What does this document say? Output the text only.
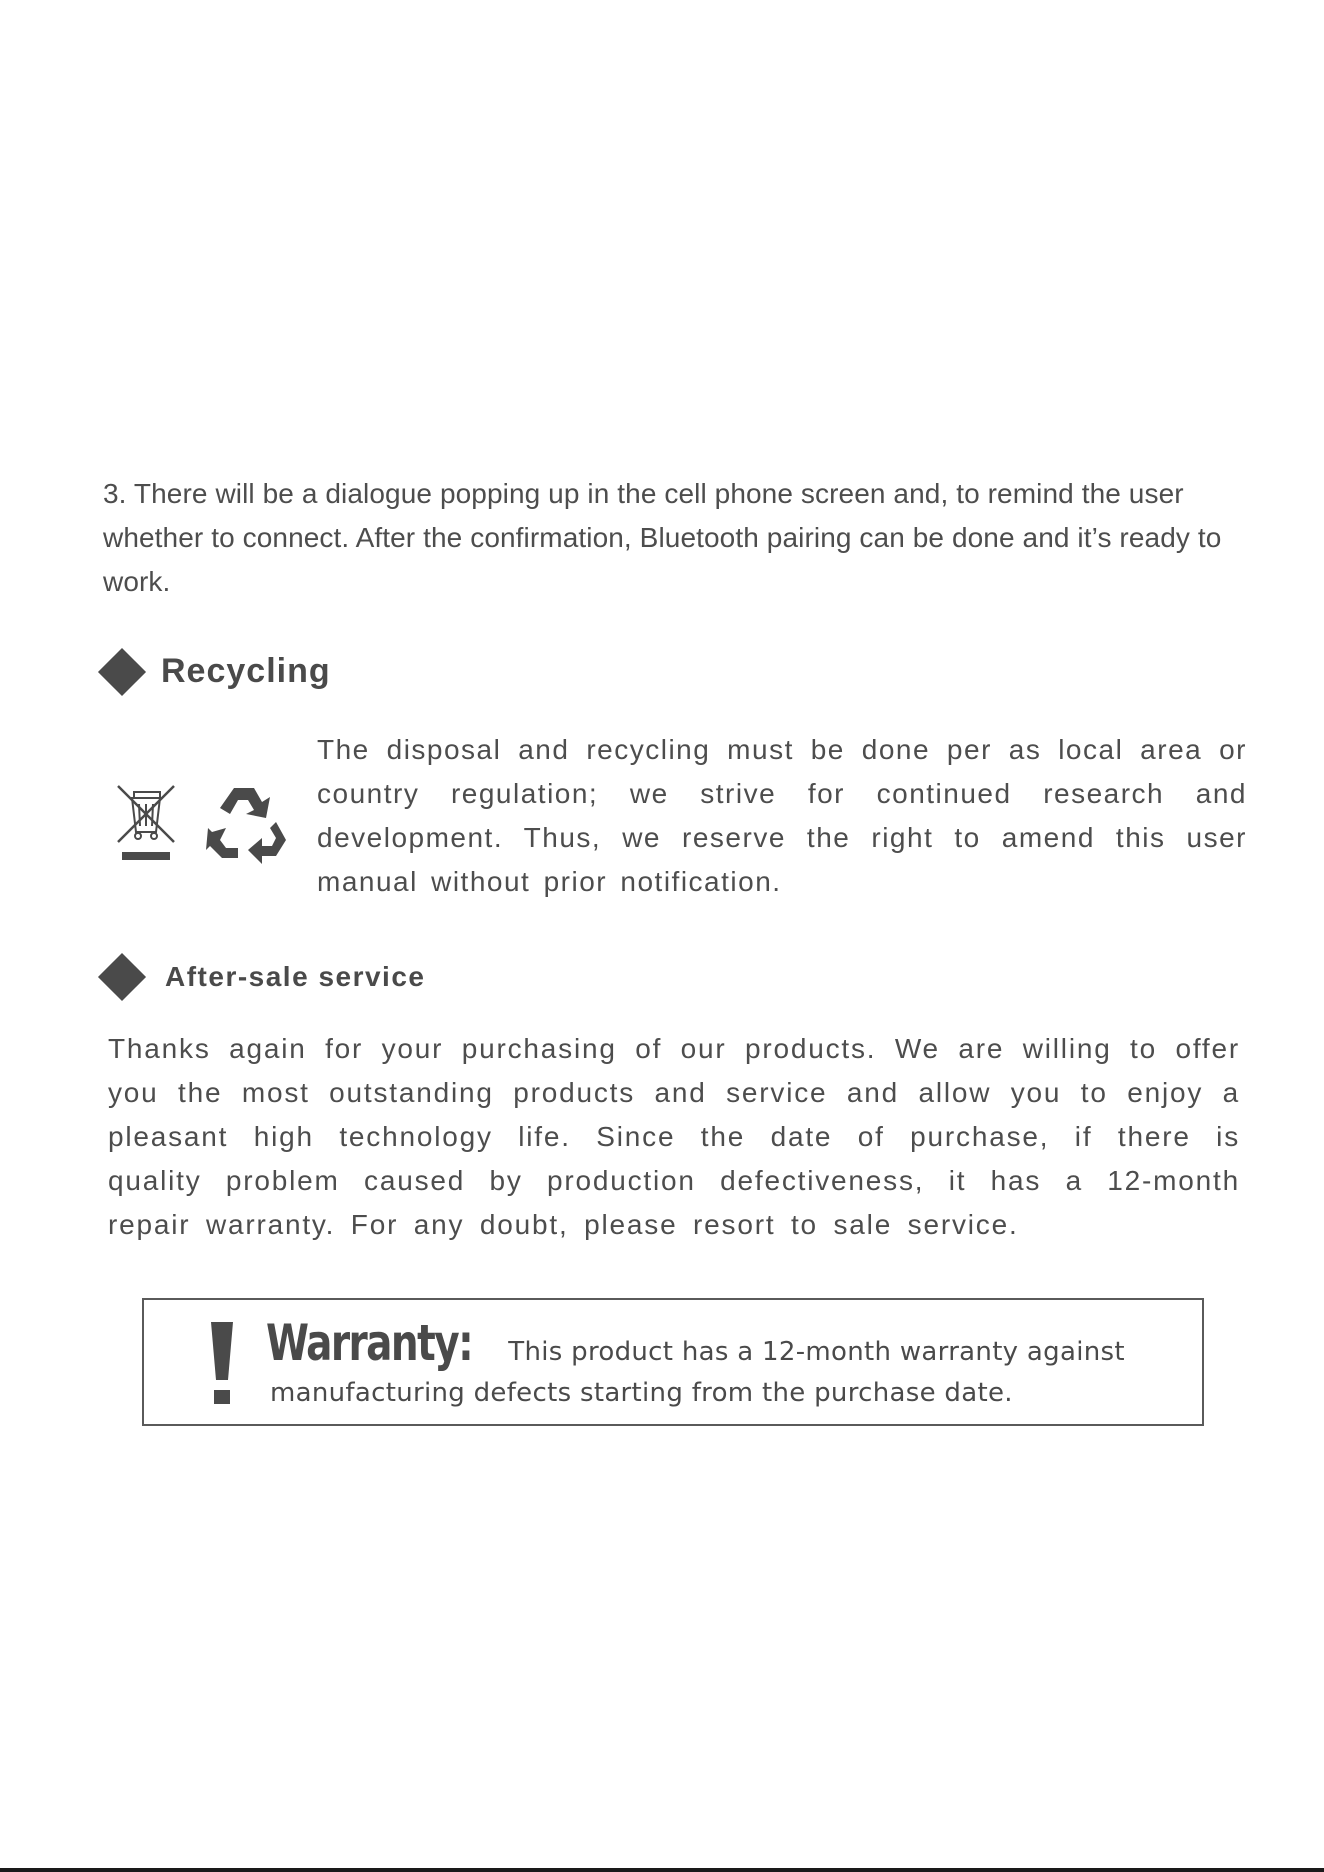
3. There will be a dialogue popping up in the cell phone screen and, to remind the user whether to connect. After the confirmation, Bluetooth pairing can be done and it’s ready to work.

Recycling

The disposal and recycling must be done per as local area or country regulation; we strive for continued research and development. Thus, we reserve the right to amend this user manual without prior notification.

After-sale service

Thanks again for your purchasing of our products. We are willing to offer you the most outstanding products and service and allow you to enjoy a pleasant high technology life. Since the date of purchase, if there is quality problem caused by production defectiveness, it has a 12-month repair warranty. For any doubt, please resort to sale service.

Warranty: This product has a 12-month warranty against
manufacturing defects starting from the purchase date.
